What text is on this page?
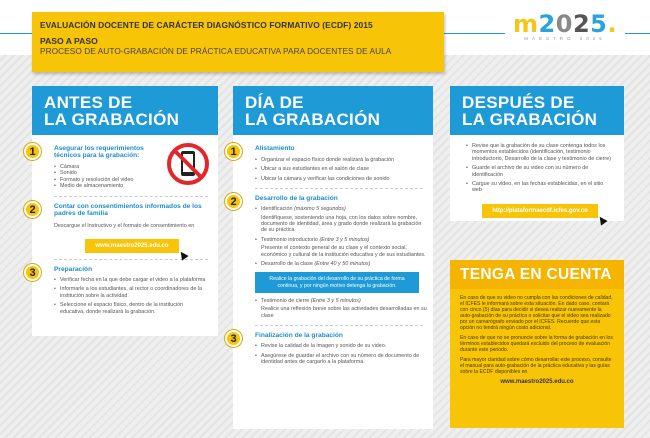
EVALUACIÓN DOCENTE DE CARÁCTER DIAGNÓSTICO FORMATIVO (ECDF) 2015
PASO A PASO
PROCESO DE AUTO-GRABACIÓN DE PRÁCTICA EDUCATIVA PARA DOCENTES DE AULA
m2025.
MAESTRO 2025
ANTES DE
LA GRABACIÓN
1	Asegurar los requerimientos técnicos para la grabación:
• Cámara
• Sonido
• Formato y resolución del video
• Medio de almacenamiento
2	Contar con consentimientos informados de los padres de familia
Descargue el Instructivo y el formato de consentimiento en
www.maestro2025.edu.co
3	Preparación
• Verificar fecha en la que debe cargar el video a la plataforma
• Informarle a los estudiantes, al rector o coordinadores de la institución sobre la actividad
• Seleccione el espacio físico, dentro de la institución educativa, donde realizará la grabación.
DÍA DE
LA GRABACIÓN
1	Alistamiento
• Organizar el espacio físico donde realizará la grabación
• Ubicar a sus estudiantes en el salón de clase
• Ubicar la cámara y verificar las condiciones de sonido
2	Desarrollo de la grabación
• Identificación (máximo 5 segundos)
Identifíquese, sosteniendo una hoja, con los datos sobre nombre, documento de identidad, área y grado donde realizará la grabación de su práctica
• Testimonio introductorio (Entre 3 y 5 minutos)
Presente el contexto general de su clase y el contexto social, económico y cultural de la institución educativa y de sus estudiantes.
• Desarrollo de la clase (Entre 40 y 50 minutos)
Realice la grabación del desarrollo de su práctica de forma continua, y por ningún motivo detenga la grabación.
• Testimonio de cierre (Entre 3 y 5 minutos)
Realice una reflexión breve sobre las actividades desarrolladas en su clase
3	Finalización de la grabación
• Revise la calidad de la imagen y sonido de su video.
• Asegúrese de guardar el archivo con su número de documento de identidad antes de cargarlo a la plataforma.
DESPUÉS DE
LA GRABACIÓN
• Revise que la grabación de su clase contenga todos los momentos establecidos (identificación, testimonio introductorio, Desarrollo de la clase y testimonio de cierre)
• Guarde el archivo de su video con su número de identificación
• Cargue su video, en las fechas establecidas, en el sitio web
http://plataformaecdf.icfes.gov.co
TENGA EN CUENTA
En caso de que su video no cumpla con las condiciones de calidad, el ICFES le informará sobre esta situación. En dado caso, contará con cinco (5) días para decidir si desea realizar nuevamente la auto-grabación de su práctica o solicitar que el video sea realizado por un camarógrafo enviado por el ICFES. Recuerde que esta opción no tendrá ningún costo adicional.
En caso de que no se pronuncie sobre la forma de grabación en los términos establecidos quedará excluido del proceso de evaluación durante este periodo.
Para mayor claridad sobre cómo desarrollar este proceso, consulte el manual para auto-grabación de la práctica educativa y las guías sobre la ECDF disponibles en
www.maestro2025.edu.co
